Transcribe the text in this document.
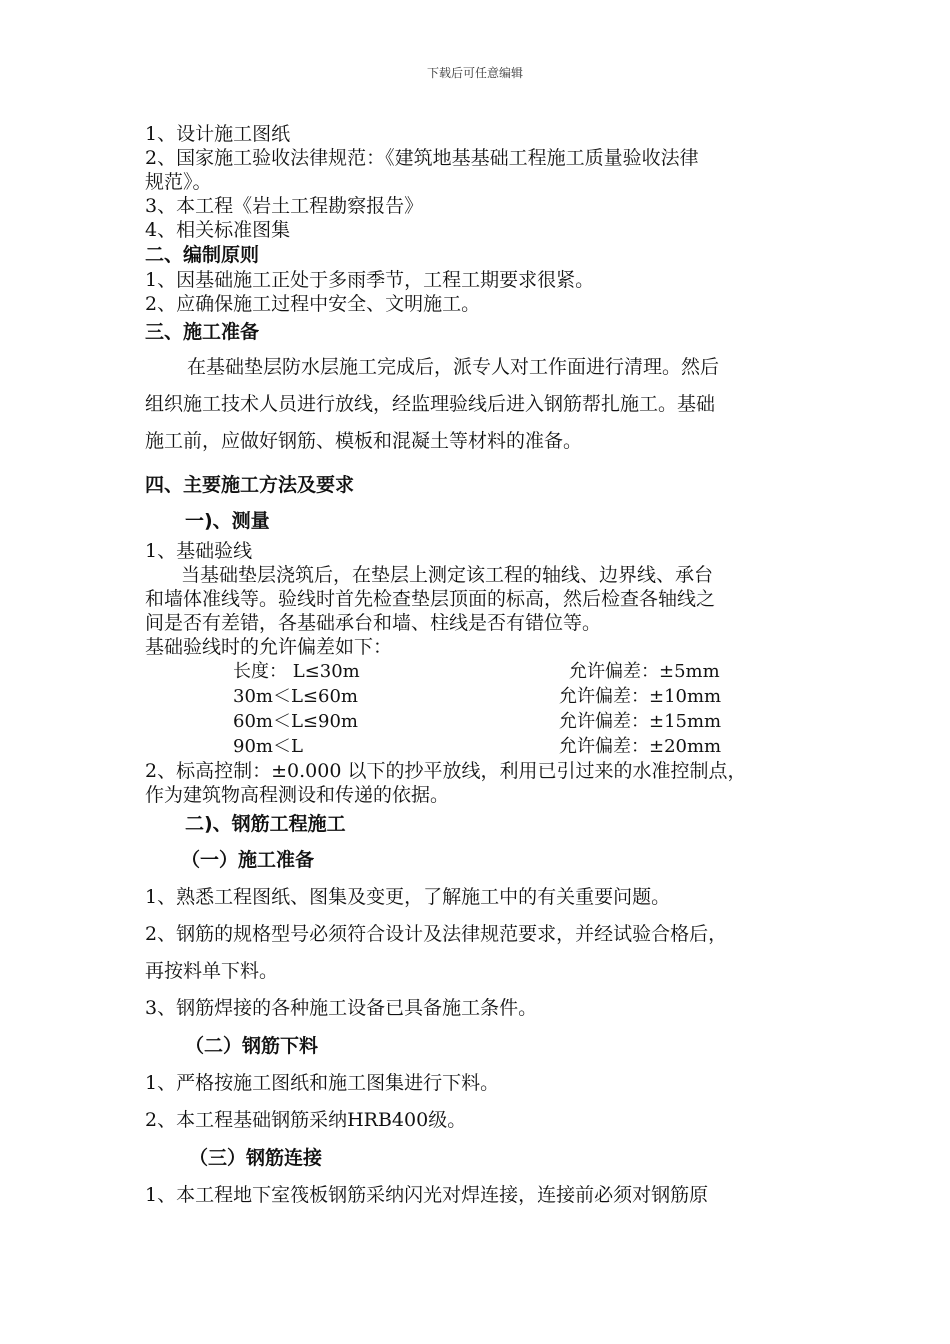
下载后可任意编辑
1、设计施工图纸
2、国家施工验收法律规范：《建筑地基基础工程施工质量验收法律
规范》。
3、本工程《岩土工程勘察报告》
4、相关标准图集
二、编制原则
1、因基础施工正处于多雨季节，工程工期要求很紧。
2、应确保施工过程中安全、文明施工。
三、施工准备
在基础垫层防水层施工完成后，派专人对工作面进行清理。然后
组织施工技术人员进行放线，经监理验线后进入钢筋帮扎施工。基础
施工前，应做好钢筋、模板和混凝土等材料的准备。
四、主要施工方法及要求
一)、测量
1、基础验线
当基础垫层浇筑后，在垫层上测定该工程的轴线、边界线、承台
和墙体准线等。验线时首先检查垫层顶面的标高，然后检查各轴线之
间是否有差错，各基础承台和墙、柱线是否有错位等。
基础验线时的允许偏差如下：
长度： L≤30m	允许偏差：±5mm
30m＜L≤60m	允许偏差：±10mm
60m＜L≤90m	允许偏差：±15mm
90m＜L	允许偏差：±20mm
2、标高控制：±0.000 以下的抄平放线，利用已引过来的水准控制点，
作为建筑物高程测设和传递的依据。
二)、钢筋工程施工
（一）施工准备
1、熟悉工程图纸、图集及变更，了解施工中的有关重要问题。
2、钢筋的规格型号必须符合设计及法律规范要求，并经试验合格后，
再按料单下料。
3、钢筋焊接的各种施工设备已具备施工条件。
（二）钢筋下料
1、严格按施工图纸和施工图集进行下料。
2、本工程基础钢筋采纳HRB400级。
（三）钢筋连接
1、本工程地下室筏板钢筋采纳闪光对焊连接，连接前必须对钢筋原
